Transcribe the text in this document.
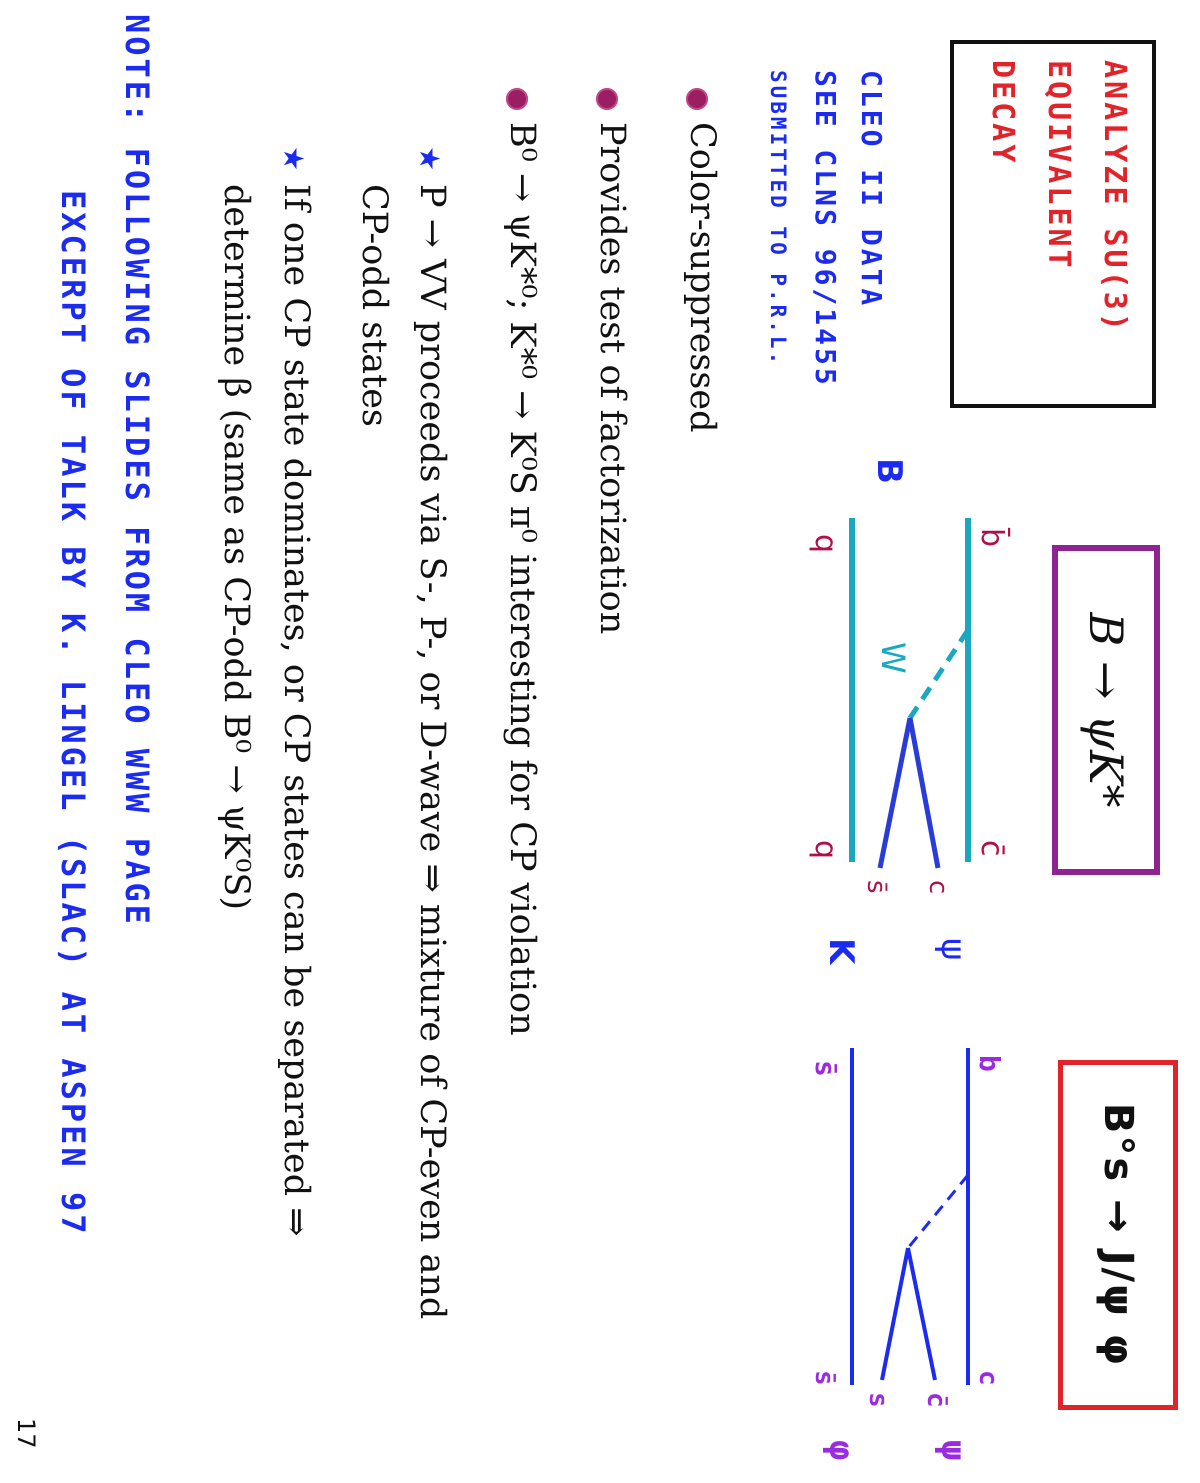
ANALYZE SU(3)
EQUIVALENT
DECAY
CLEO II DATA
SEE CLNS 96/1455
SUBMITTED TO P.R.L.
B → ψK*
B°s → J/ψ φ
B
b̄
q
W
c̄
c
s̄
q
ψ
K
b
s̄
c
c̄
s
s̄
ψ
φ
Color-suppressed
Provides test of factorization
B⁰ → ψK*⁰; K*⁰ → K⁰S π⁰ interesting for CP violation
★
P → VV proceeds via S-, P-, or D-wave ⇒ mixture of CP-even and
CP-odd states
★
If one CP state dominates, or CP states can be separated ⇒
determine β (same as CP-odd B⁰ → ψK⁰S)
NOTE: FOLLOWING SLIDES FROM CLEO WWW PAGE
EXCERPT OF TALK BY K. LINGEL (SLAC) AT ASPEN 97
17
